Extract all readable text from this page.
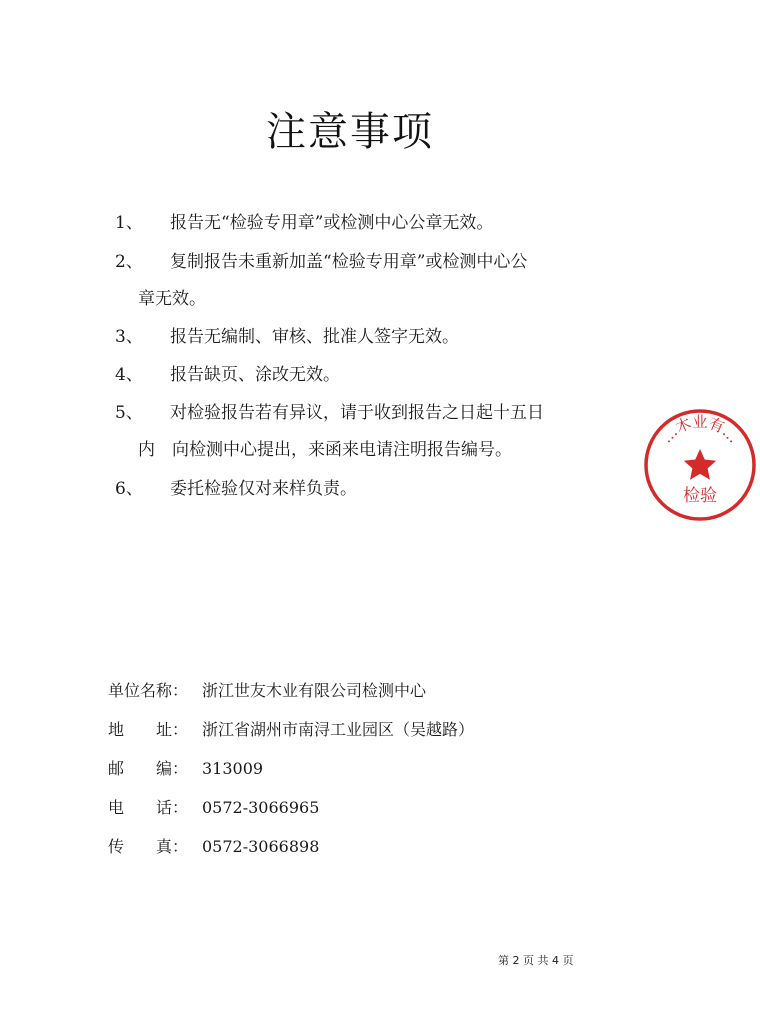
注意事项
1、 报告无“检验专用章”或检测中心公章无效。
2、 复制报告未重新加盖“检验专用章”或检测中心公
章无效。
3、 报告无编制、审核、批准人签字无效。
4、 报告缺页、涂改无效。
5、 对检验报告若有异议，请于收到报告之日起十五日
内　向检测中心提出，来函来电请注明报告编号。
6、 委托检验仅对来样负责。
单位名称： 浙江世友木业有限公司检测中心
地　　址： 浙江省湖州市南浔工业园区（吴越路）
邮　　编： 313009
电　　话： 0572-3066965
传　　真： 0572-3066898
第 2 页 共 4 页
…木业有…
检验
